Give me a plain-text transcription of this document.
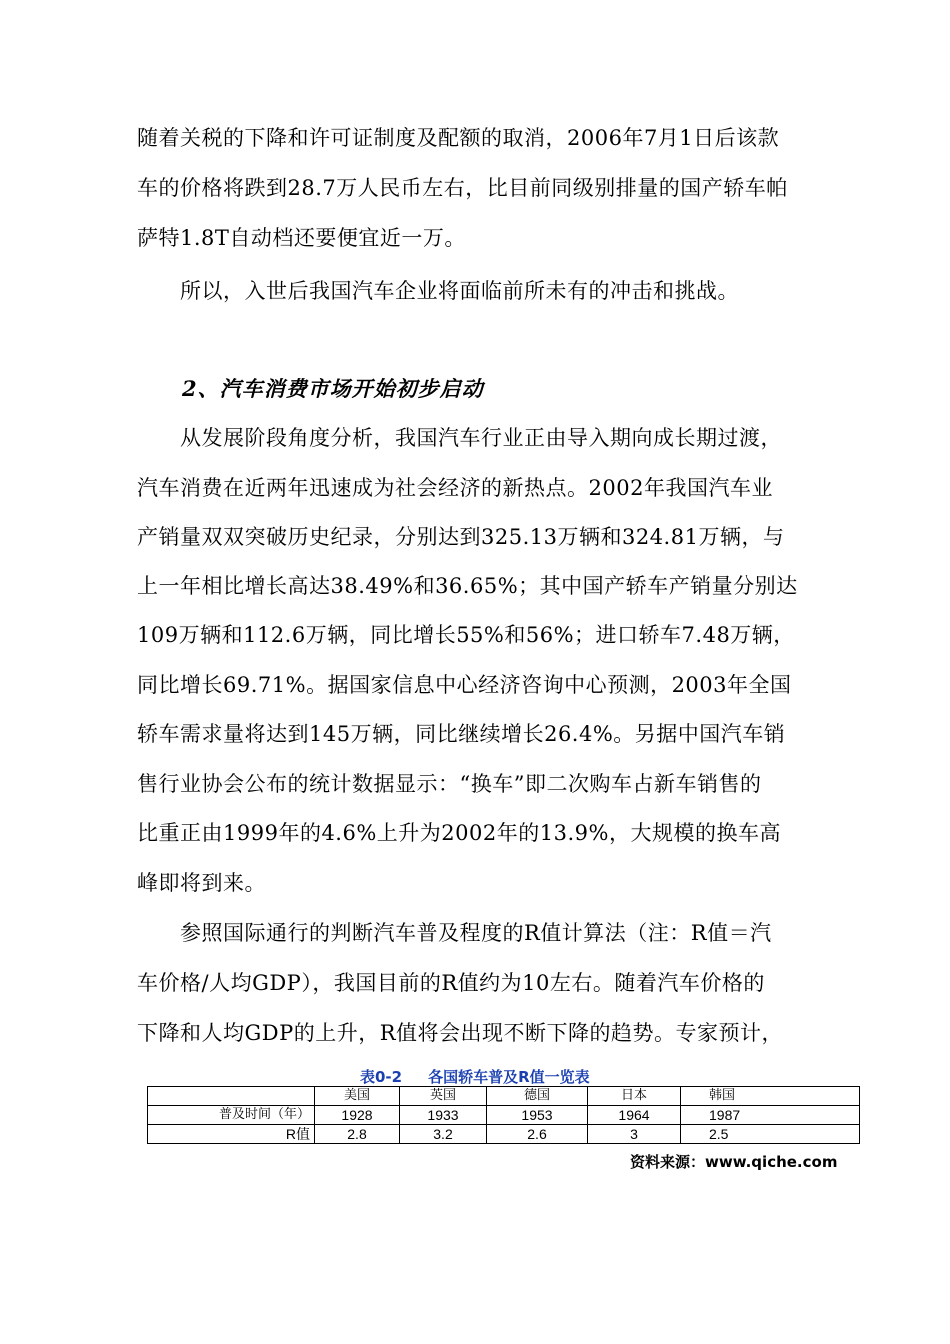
随着关税的下降和许可证制度及配额的取消，2006年7月1日后该款
车的价格将跌到28.7万人民币左右，比目前同级别排量的国产轿车帕
萨特1.8T自动档还要便宜近一万。
　　所以，入世后我国汽车企业将面临前所未有的冲击和挑战。
2、汽车消费市场开始初步启动
　　从发展阶段角度分析，我国汽车行业正由导入期向成长期过渡，
汽车消费在近两年迅速成为社会经济的新热点。2002年我国汽车业
产销量双双突破历史纪录，分别达到325.13万辆和324.81万辆，与
上一年相比增长高达38.49%和36.65%；其中国产轿车产销量分别达
109万辆和112.6万辆，同比增长55%和56%；进口轿车7.48万辆，
同比增长69.71%。据国家信息中心经济咨询中心预测，2003年全国
轿车需求量将达到145万辆，同比继续增长26.4%。另据中国汽车销
售行业协会公布的统计数据显示：“换车”即二次购车占新车销售的
比重正由1999年的4.6%上升为2002年的13.9%，大规模的换车高
峰即将到来。
　　参照国际通行的判断汽车普及程度的R值计算法（注：R值＝汽
车价格/人均GDP），我国目前的R值约为10左右。随着汽车价格的
下降和人均GDP的上升，R值将会出现不断下降的趋势。专家预计，
表0-2 各国轿车普及R值一览表
	美国	英国	德国	日本	韩国
普及时间（年）	1928	1933	1953	1964	1987
R值	2.8	3.2	2.6	3	2.5
资料来源：www.qiche.com
